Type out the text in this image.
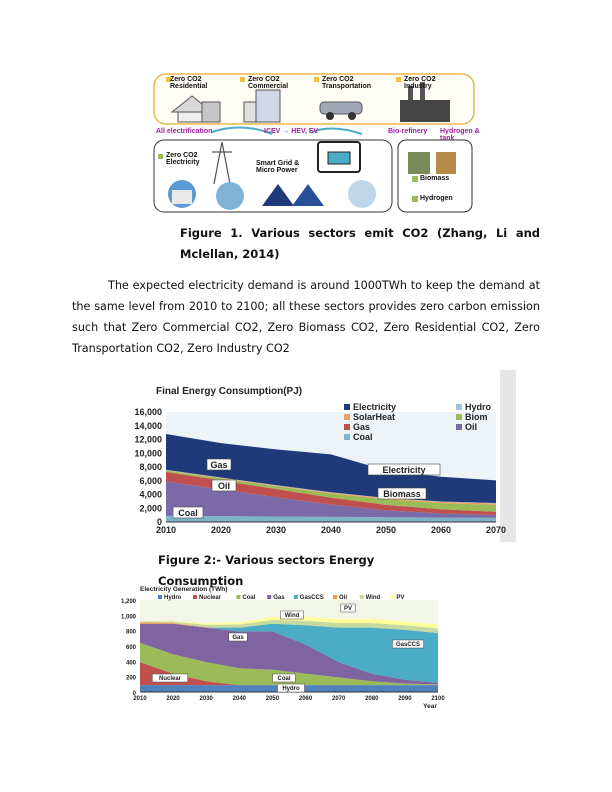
Zero CO2 Residential
Zero CO2 Commercial
Zero CO2 Transportation
Zero CO2 Industry
All electrification	ICEV → HEV, EV	Bio-refinery Hydrogen & tank
Zero CO2 Electricity	Smart Grid & Micro Power
Biomass
Hydrogen
Figure 1. Various sectors emit CO2 (Zhang, Li and
Mclellan, 2014)
The expected electricity demand is around 1000TWh to keep the demand at
the same level from 2010 to 2100; all these sectors provides zero carbon emission
such that Zero Commercial CO2, Zero Biomass CO2, Zero Residential CO2, Zero
Transportation CO2, Zero Industry CO2
0
2,000
4,000
6,000
8,000
10,000
12,000
14,000
16,000
2010	2020	2030	2040	2050	2060	2070
Final Energy Consumption(PJ)
Electricity	Hydro
SolarHeat	Biom
Gas	Oil
Coal
Gas
Oil
Coal
Electricity
Biomass
Figure 2:- Various sectors Energy Consumption
0
200
400
600
800
1,000
1,200
2010	2020	2030	2040	2050	2060	2070	2080	2090	2100
Electricity Generation (TWh)
Hydro	Nuclear	Coal	Gas	GasCCS	Oil	Wind	PV
Year
Hydro
Nuclear	Coal
Gas
GasCCS
Wind
PV
